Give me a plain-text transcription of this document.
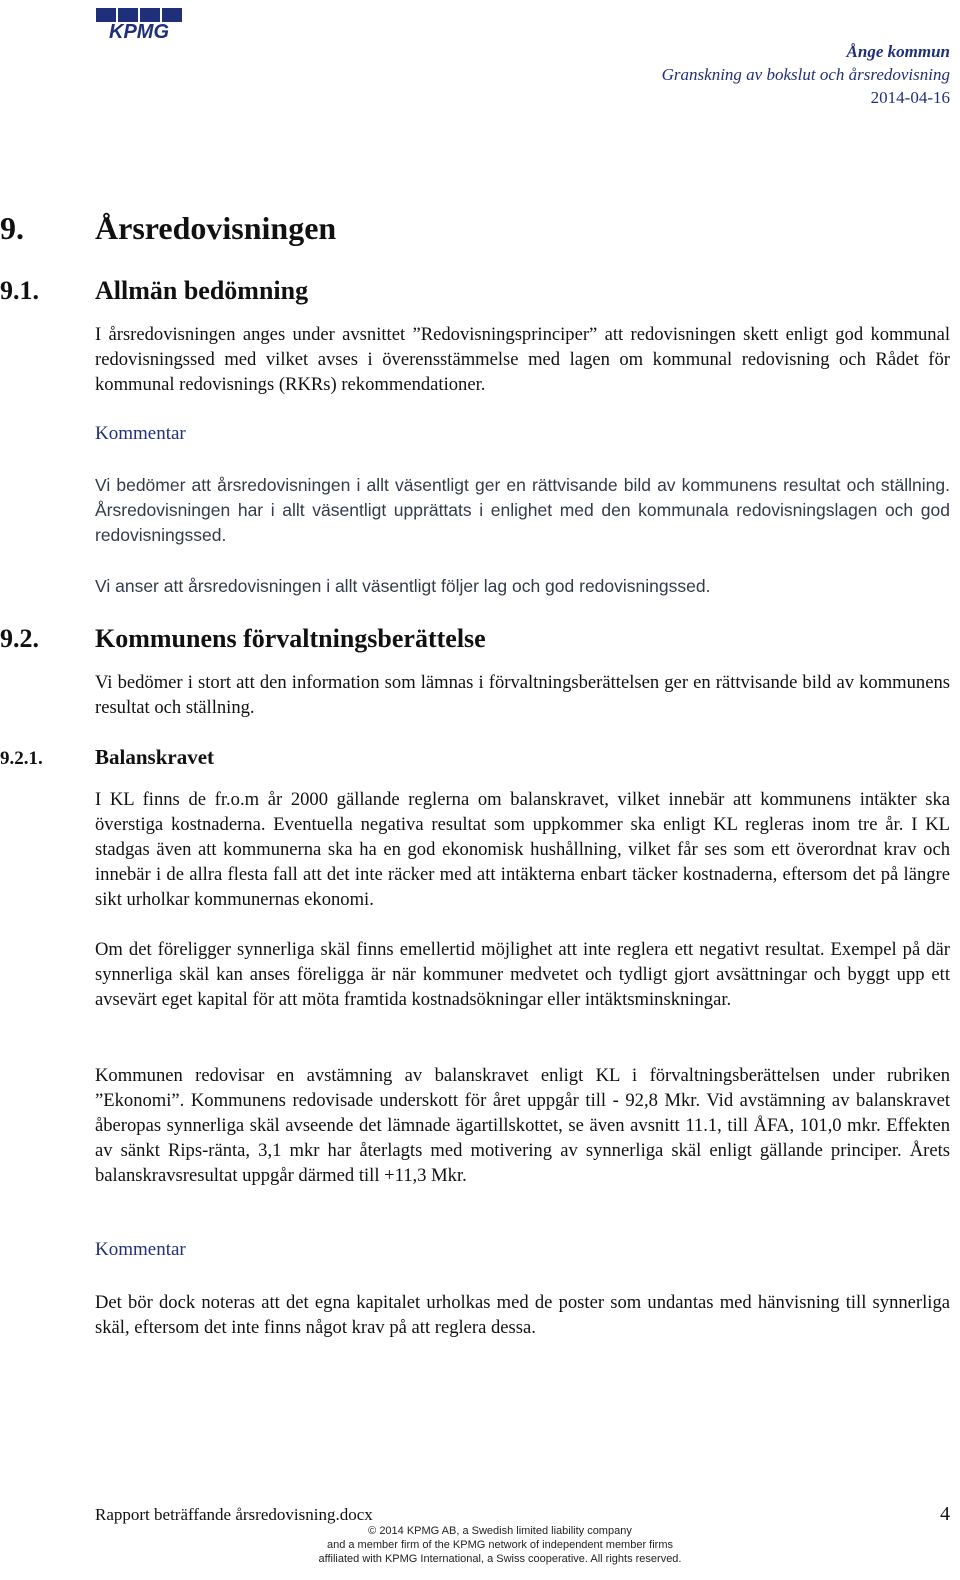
KPMG
Ånge kommun
Granskning av bokslut och årsredovisning
2014-04-16
9. Årsredovisningen
9.1. Allmän bedömning
I årsredovisningen anges under avsnittet ”Redovisningsprinciper” att redovisningen skett enligt god kommunal redovisningssed med vilket avses i överensstämmelse med lagen om kommunal redovisning och Rådet för kommunal redovisnings (RKRs) rekommendationer.
Kommentar
Vi bedömer att årsredovisningen i allt väsentligt ger en rättvisande bild av kommunens resultat och ställning. Årsredovisningen har i allt väsentligt upprättats i enlighet med den kommunala redovisningslagen och god redovisningssed.
Vi anser att årsredovisningen i allt väsentligt följer lag och god redovisningssed.
9.2. Kommunens förvaltningsberättelse
Vi bedömer i stort att den information som lämnas i förvaltningsberättelsen ger en rättvisande bild av kommunens resultat och ställning.
9.2.1. Balanskravet
I KL finns de fr.o.m år 2000 gällande reglerna om balanskravet, vilket innebär att kommunens intäkter ska överstiga kostnaderna. Eventuella negativa resultat som uppkommer ska enligt KL regleras inom tre år. I KL stadgas även att kommunerna ska ha en god ekonomisk hushållning, vilket får ses som ett överordnat krav och innebär i de allra flesta fall att det inte räcker med att intäkterna enbart täcker kostnaderna, eftersom det på längre sikt urholkar kommunernas ekonomi.
Om det föreligger synnerliga skäl finns emellertid möjlighet att inte reglera ett negativt resultat. Exempel på där synnerliga skäl kan anses föreligga är när kommuner medvetet och tydligt gjort avsättningar och byggt upp ett avsevärt eget kapital för att möta framtida kostnadsökningar eller intäktsminskningar.
Kommunen redovisar en avstämning av balanskravet enligt KL i förvaltningsberättelsen under rubriken ”Ekonomi”. Kommunens redovisade underskott för året uppgår till - 92,8 Mkr. Vid avstämning av balanskravet åberopas synnerliga skäl avseende det lämnade ägartillskottet, se även avsnitt 11.1, till ÅFA, 101,0 mkr. Effekten av sänkt Rips-ränta, 3,1 mkr har återlagts med motivering av synnerliga skäl enligt gällande principer. Årets balanskravsresultat uppgår därmed till +11,3 Mkr.
Kommentar
Det bör dock noteras att det egna kapitalet urholkas med de poster som undantas med hänvisning till synnerliga skäl, eftersom det inte finns något krav på att reglera dessa.
Rapport beträffande årsredovisning.docx	4
© 2014 KPMG AB, a Swedish limited liability company
and a member firm of the KPMG network of independent member firms
affiliated with KPMG International, a Swiss cooperative. All rights reserved.
